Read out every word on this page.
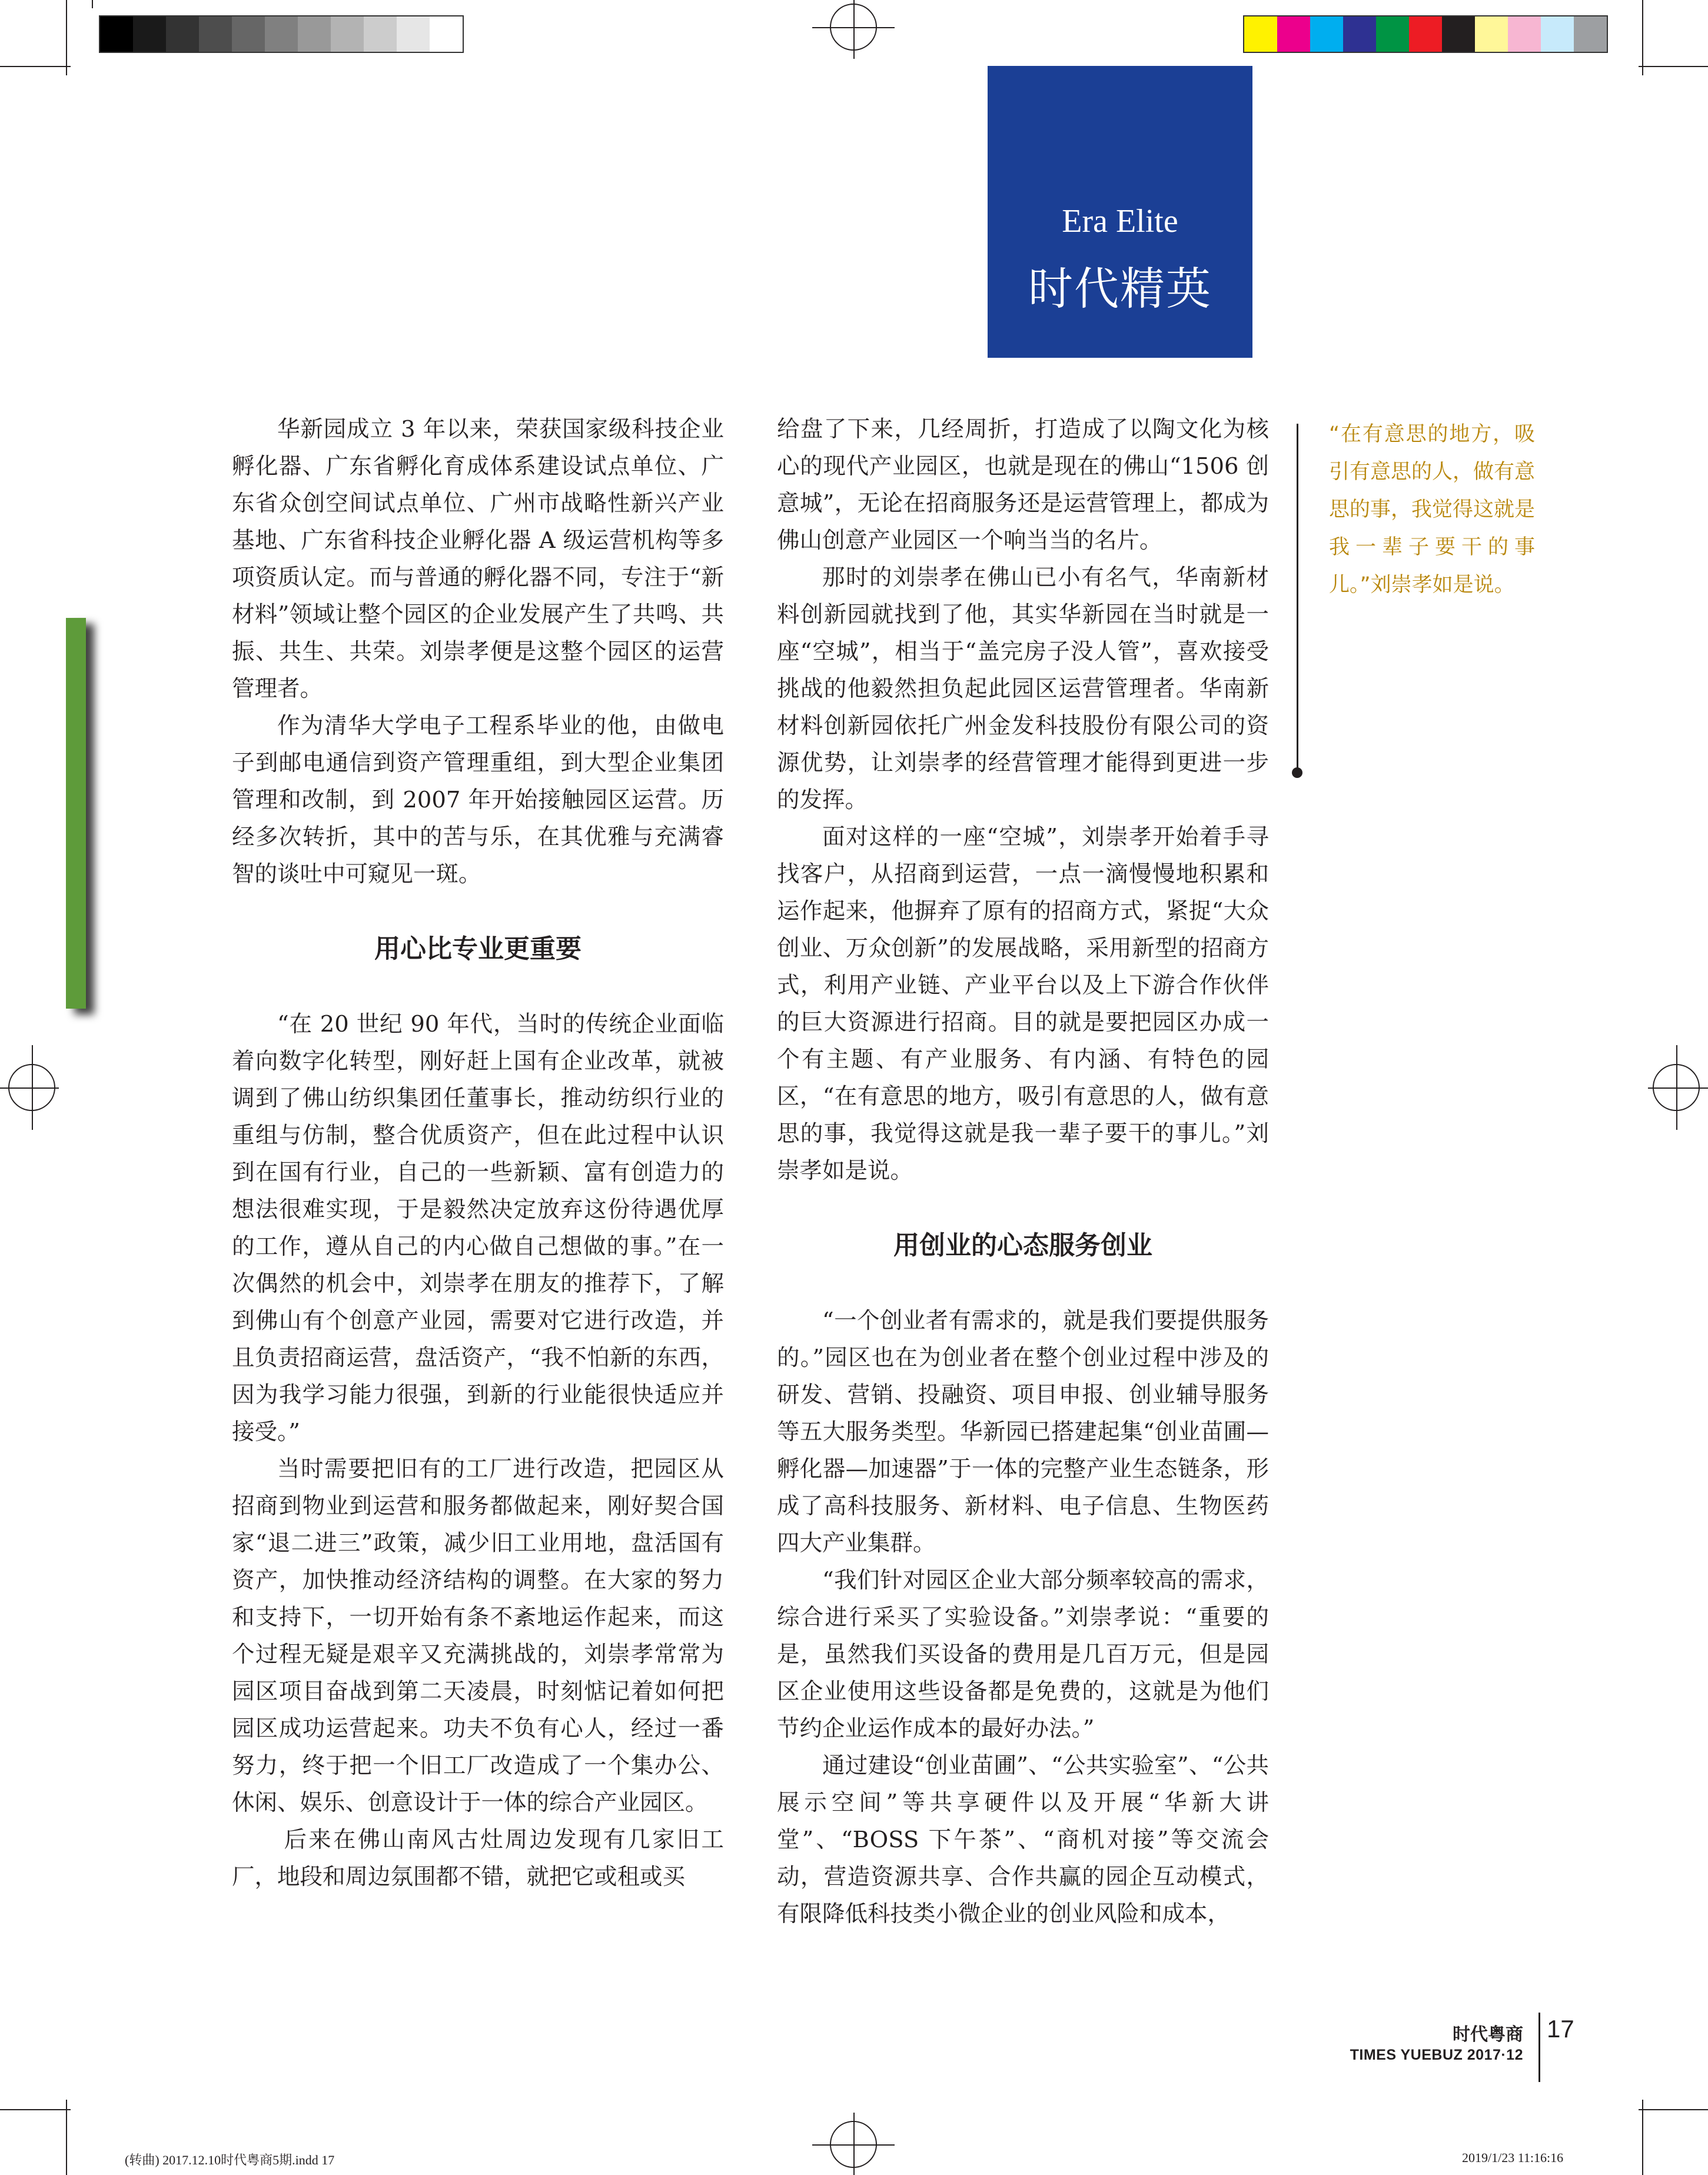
Era Elite
时代精英

华新园成立 3 年以来，荣获国家级科技企业孵化器、广东省孵化育成体系建设试点单位、广东省众创空间试点单位、广州市战略性新兴产业基地、广东省科技企业孵化器 A 级运营机构等多项资质认定。而与普通的孵化器不同，专注于“新材料”领域让整个园区的企业发展产生了共鸣、共振、共生、共荣。刘崇孝便是这整个园区的运营管理者。

作为清华大学电子工程系毕业的他，由做电子到邮电通信到资产管理重组，到大型企业集团管理和改制，到 2007 年开始接触园区运营。历经多次转折，其中的苦与乐，在其优雅与充满睿智的谈吐中可窥见一斑。

用心比专业更重要

“在 20 世纪 90 年代，当时的传统企业面临着向数字化转型，刚好赶上国有企业改革，就被调到了佛山纺织集团任董事长，推动纺织行业的重组与仿制，整合优质资产，但在此过程中认识到在国有行业，自己的一些新颖、富有创造力的想法很难实现，于是毅然决定放弃这份待遇优厚的工作，遵从自己的内心做自己想做的事。”在一次偶然的机会中，刘崇孝在朋友的推荐下，了解到佛山有个创意产业园，需要对它进行改造，并且负责招商运营，盘活资产，“我不怕新的东西，因为我学习能力很强，到新的行业能很快适应并接受。”

当时需要把旧有的工厂进行改造，把园区从招商到物业到运营和服务都做起来，刚好契合国家“退二进三”政策，减少旧工业用地，盘活国有资产，加快推动经济结构的调整。在大家的努力和支持下，一切开始有条不紊地运作起来，而这个过程无疑是艰辛又充满挑战的，刘崇孝常常为园区项目奋战到第二天凌晨，时刻惦记着如何把园区成功运营起来。功夫不负有心人，经过一番努力，终于把一个旧工厂改造成了一个集办公、休闲、娱乐、创意设计于一体的综合产业园区。

后来在佛山南风古灶周边发现有几家旧工厂，地段和周边氛围都不错，就把它或租或买

给盘了下来，几经周折，打造成了以陶文化为核心的现代产业园区，也就是现在的佛山“1506 创意城”，无论在招商服务还是运营管理上，都成为佛山创意产业园区一个响当当的名片。

那时的刘崇孝在佛山已小有名气，华南新材料创新园就找到了他，其实华新园在当时就是一座“空城”，相当于“盖完房子没人管”，喜欢接受挑战的他毅然担负起此园区运营管理者。华南新材料创新园依托广州金发科技股份有限公司的资源优势，让刘崇孝的经营管理才能得到更进一步的发挥。

面对这样的一座“空城”，刘崇孝开始着手寻找客户，从招商到运营，一点一滴慢慢地积累和运作起来，他摒弃了原有的招商方式，紧捉“大众创业、万众创新”的发展战略，采用新型的招商方式，利用产业链、产业平台以及上下游合作伙伴的巨大资源进行招商。目的就是要把园区办成一个有主题、有产业服务、有内涵、有特色的园区，“在有意思的地方，吸引有意思的人，做有意思的事，我觉得这就是我一辈子要干的事儿。”刘崇孝如是说。

用创业的心态服务创业

“一个创业者有需求的，就是我们要提供服务的。”园区也在为创业者在整个创业过程中涉及的研发、营销、投融资、项目申报、创业辅导服务等五大服务类型。华新园已搭建起集“创业苗圃—孵化器—加速器”于一体的完整产业生态链条，形成了高科技服务、新材料、电子信息、生物医药四大产业集群。

“我们针对园区企业大部分频率较高的需求，综合进行采买了实验设备。”刘崇孝说：“重要的是，虽然我们买设备的费用是几百万元，但是园区企业使用这些设备都是免费的，这就是为他们节约企业运作成本的最好办法。”

通过建设“创业苗圃”、“公共实验室”、“公共展示空间”等共享硬件以及开展“华新大讲堂”、“BOSS 下午茶”、“商机对接”等交流会动，营造资源共享、合作共赢的园企互动模式，有限降低科技类小微企业的创业风险和成本，

“在有意思的地方，吸引有意思的人，做有意思的事，我觉得这就是我一辈子要干的事儿。”刘崇孝如是说。
时代粤商
TIMES YUEBUZ 2017·12
17
(转曲) 2017.12.10时代粤商5期.indd 17	2019/1/23 11:16:16
